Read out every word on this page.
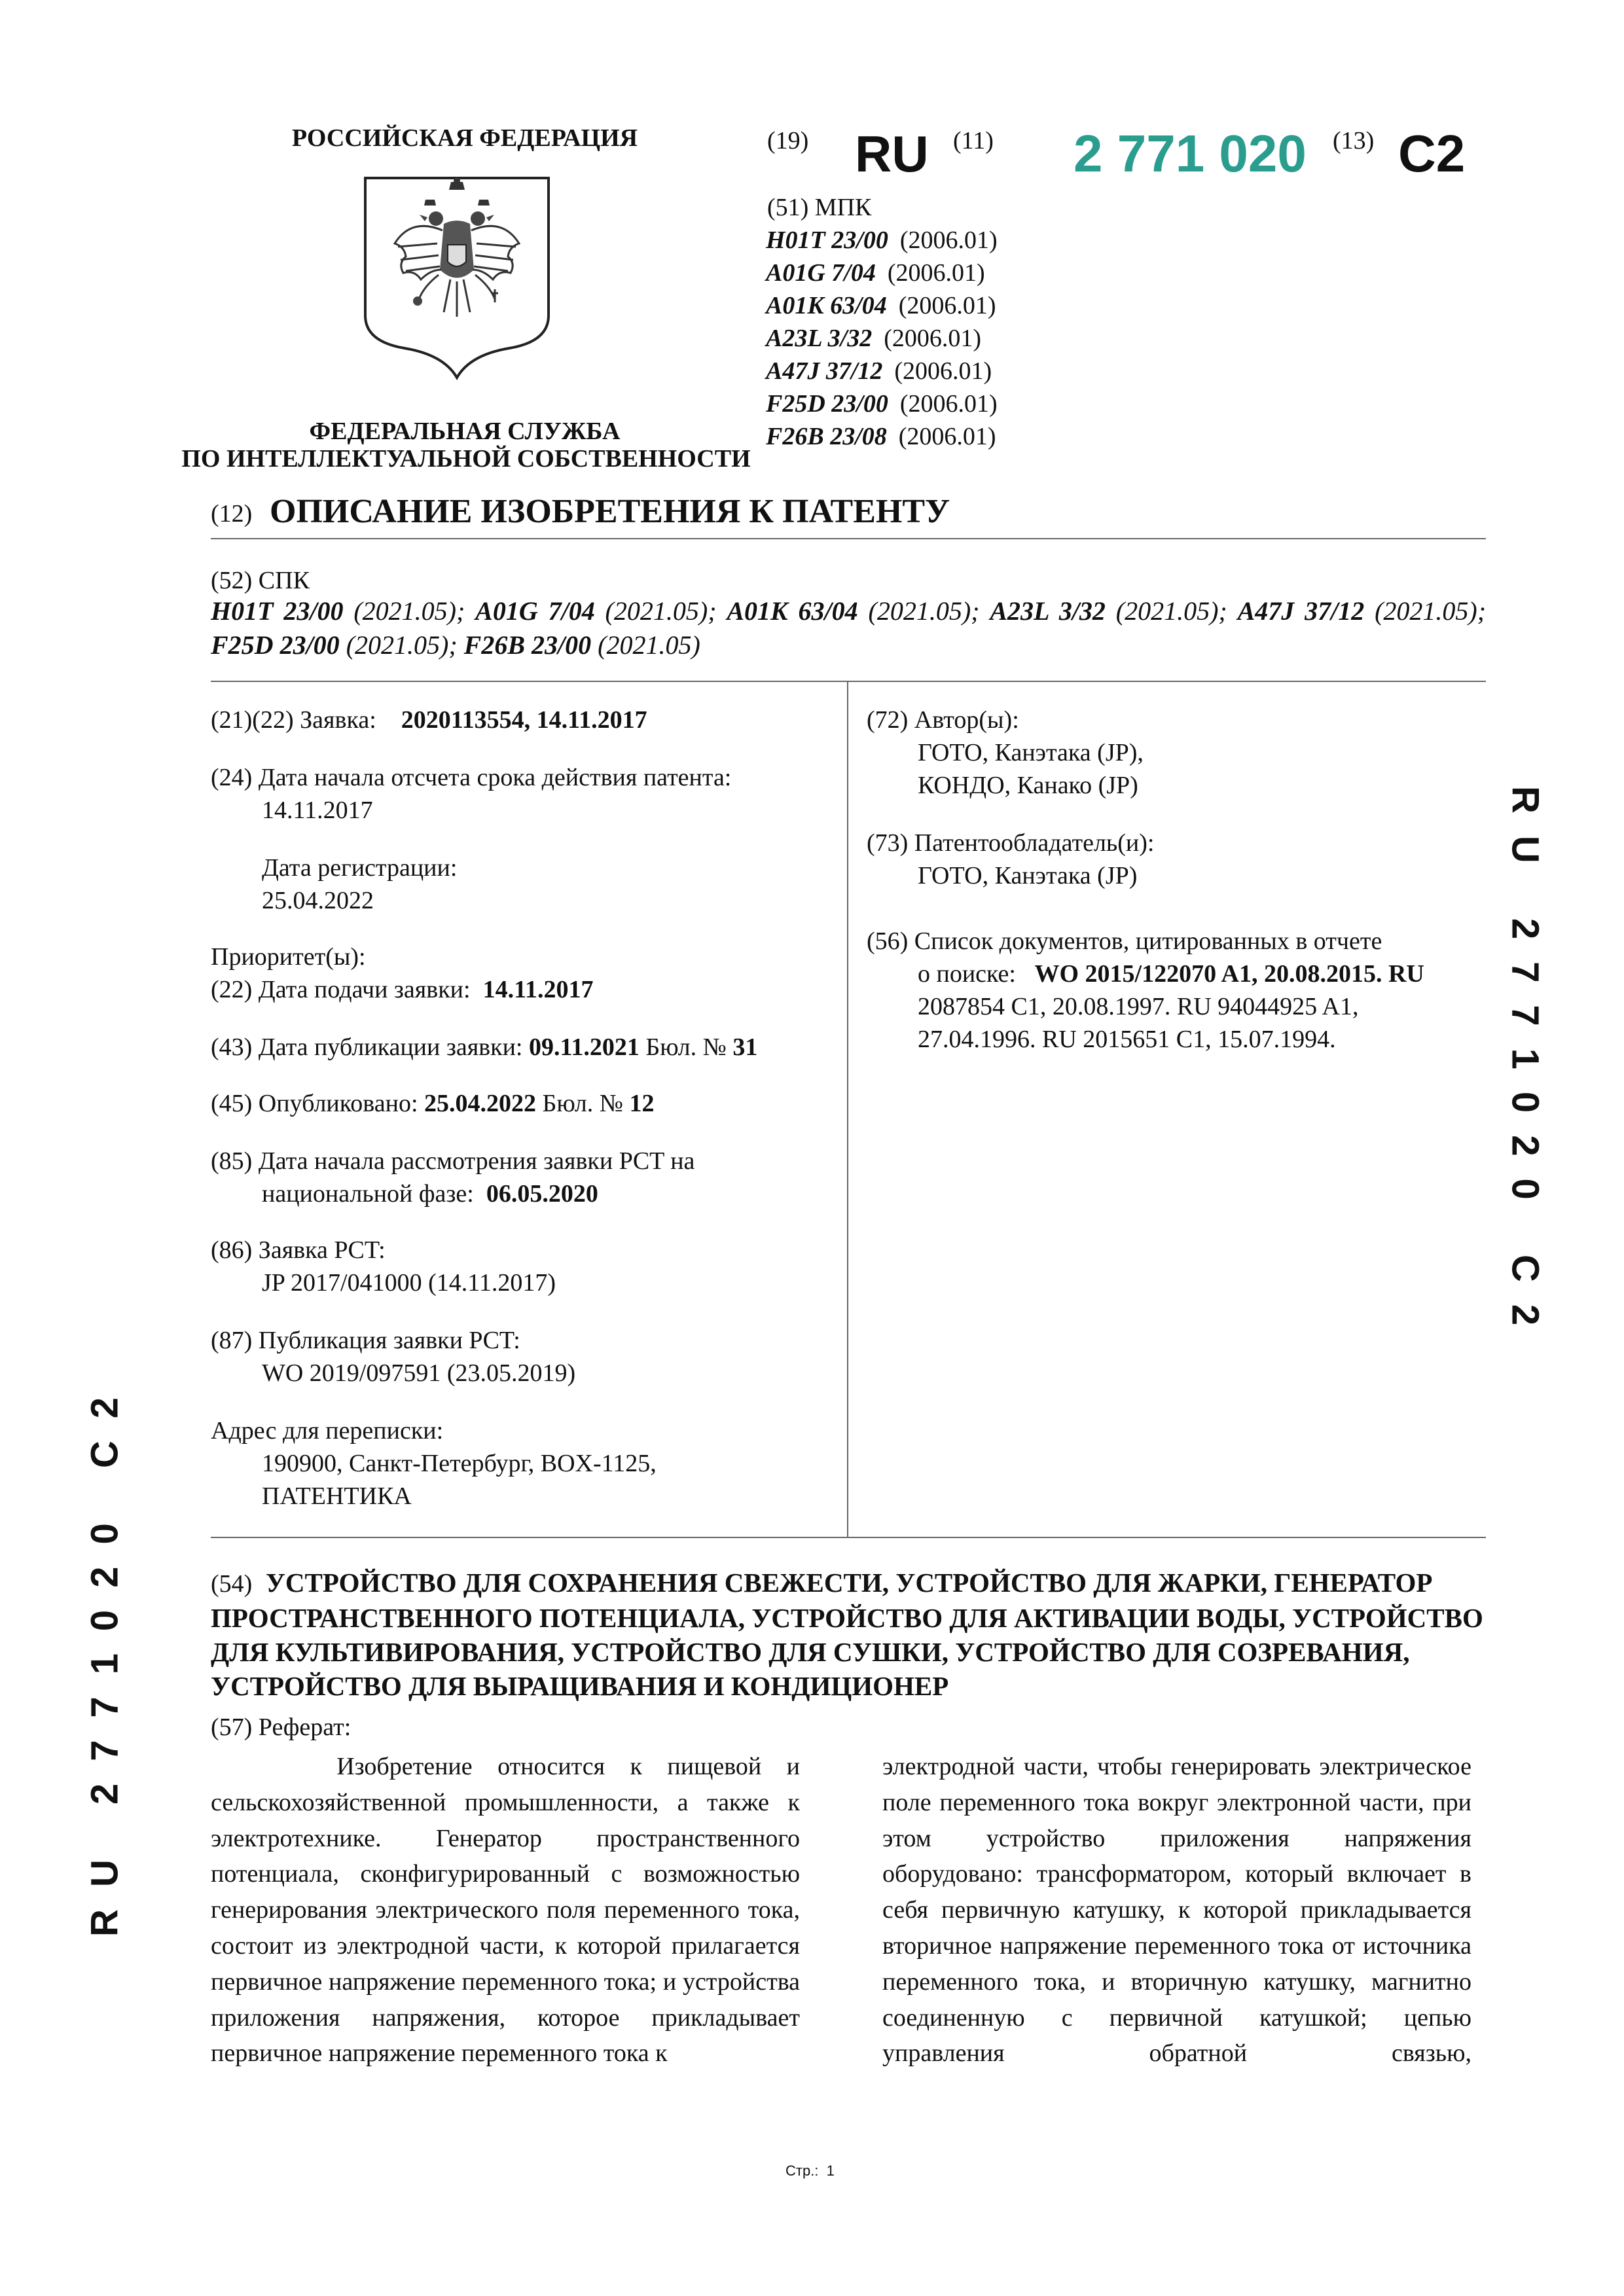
РОССИЙСКАЯ ФЕДЕРАЦИЯ
ФЕДЕРАЛЬНАЯ СЛУЖБА
ПО ИНТЕЛЛЕКТУАЛЬНОЙ СОБСТВЕННОСТИ
(19) RU (11) 2 771 020 (13) C2
(51) МПК
H01T 23/00 (2006.01)
A01G 7/04 (2006.01)
A01K 63/04 (2006.01)
A23L 3/32 (2006.01)
A47J 37/12 (2006.01)
F25D 23/00 (2006.01)
F26B 23/08 (2006.01)
(12) ОПИСАНИЕ ИЗОБРЕТЕНИЯ К ПАТЕНТУ
(52) СПК
H01T 23/00 (2021.05); A01G 7/04 (2021.05); A01K 63/04 (2021.05); A23L 3/32 (2021.05); A47J 37/12 (2021.05); F25D 23/00 (2021.05); F26B 23/00 (2021.05)
(21)(22) Заявка: 2020113554, 14.11.2017
(24) Дата начала отсчета срока действия патента:
14.11.2017
Дата регистрации:
25.04.2022
Приоритет(ы):
(22) Дата подачи заявки: 14.11.2017
(43) Дата публикации заявки: 09.11.2021 Бюл. № 31
(45) Опубликовано: 25.04.2022 Бюл. № 12
(85) Дата начала рассмотрения заявки PCT на
национальной фазе: 06.05.2020
(86) Заявка PCT:
JP 2017/041000 (14.11.2017)
(87) Публикация заявки PCT:
WO 2019/097591 (23.05.2019)
Адрес для переписки:
190900, Санкт-Петербург, BOX-1125,
ПАТЕНТИКА
(72) Автор(ы):
ГОТО, Канэтака (JP),
КОНДО, Канако (JP)
(73) Патентообладатель(и):
ГОТО, Канэтака (JP)
(56) Список документов, цитированных в отчете
о поиске: WO 2015/122070 A1, 20.08.2015. RU
2087854 C1, 20.08.1997. RU 94044925 A1,
27.04.1996. RU 2015651 C1, 15.07.1994.
RU 2771020 C2
RU 2771020 C2
(54) УСТРОЙСТВО ДЛЯ СОХРАНЕНИЯ СВЕЖЕСТИ, УСТРОЙСТВО ДЛЯ ЖАРКИ, ГЕНЕРАТОР
ПРОСТРАНСТВЕННОГО ПОТЕНЦИАЛА, УСТРОЙСТВО ДЛЯ АКТИВАЦИИ ВОДЫ, УСТРОЙСТВО
ДЛЯ КУЛЬТИВИРОВАНИЯ, УСТРОЙСТВО ДЛЯ СУШКИ, УСТРОЙСТВО ДЛЯ СОЗРЕВАНИЯ,
УСТРОЙСТВО ДЛЯ ВЫРАЩИВАНИЯ И КОНДИЦИОНЕР
(57) Реферат:
Изобретение относится к пищевой и сельскохозяйственной промышленности, а также к электротехнике. Генератор пространственного потенциала, сконфигурированный с возможностью генерирования электрического поля переменного тока, состоит из электродной части, к которой прилагается первичное напряжение переменного тока; и устройства приложения напряжения, которое прикладывает первичное напряжение переменного тока к
электродной части, чтобы генерировать электрическое поле переменного тока вокруг электронной части, при этом устройство приложения напряжения оборудовано: трансформатором, который включает в себя первичную катушку, к которой прикладывается вторичное напряжение переменного тока от источника переменного тока, и вторичную катушку, магнитно соединенную с первичной катушкой; цепью управления обратной связью,
Стр.: 1
